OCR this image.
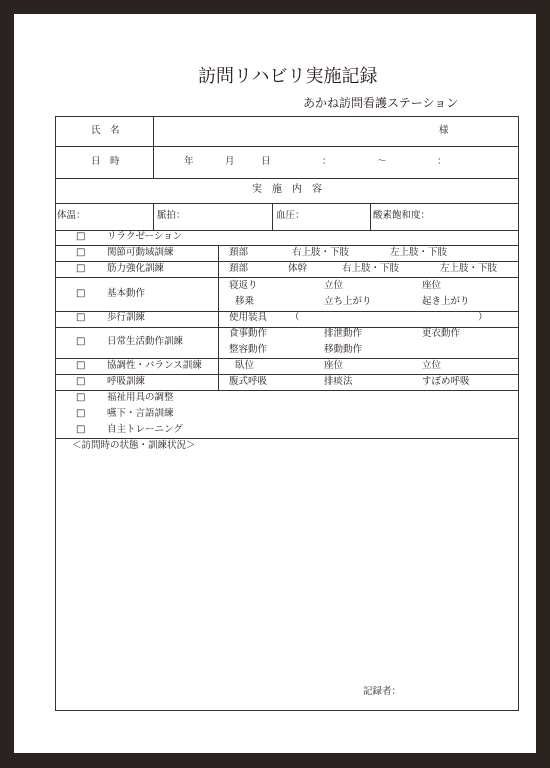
訪問リハビリ実施記録
あかね訪問看護ステーション
氏　名	様
日　時	年	月	日	：	～	：
実　施　内　容
体温：	脈拍：	血圧：	酸素飽和度：
□ リラクゼーション
□ 関節可動域訓練	頚部	右上肢・下肢	左上肢・下肢
□ 筋力強化訓練	頚部	体幹	右上肢・下肢	左上肢・下肢
□ 基本動作
寝返り	立位	座位
移乗	立ち上がり	起き上がり
□ 歩行訓練	使用装具 （	）
□ 日常生活動作訓練
食事動作	排泄動作	更衣動作
整容動作	移動動作
□ 協調性・バランス訓練	臥位	座位	立位
□ 呼吸訓練	腹式呼吸	排痰法	すぼめ呼吸
□ 福祉用具の調整
□ 嚥下・言語訓練
□ 自主トレーニング
＜訪問時の状態・訓練状況＞
記録者：
